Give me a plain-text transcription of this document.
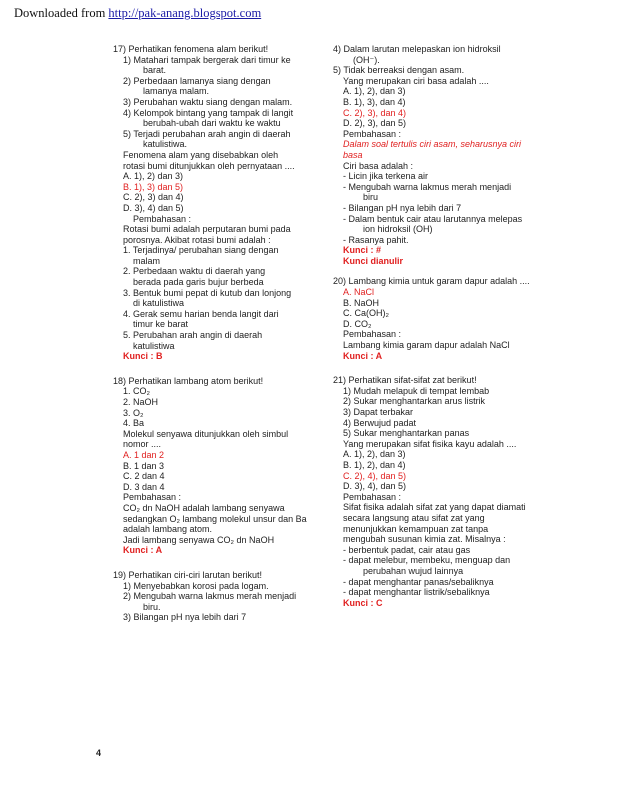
Downloaded from http://pak-anang.blogspot.com
17) Perhatikan fenomena alam berikut!
1) Matahari tampak bergerak dari timur ke
barat.
2) Perbedaan lamanya siang dengan
lamanya malam.
3) Perubahan waktu siang dengan malam.
4) Kelompok bintang yang tampak di langit
berubah-ubah dari waktu ke waktu
5) Terjadi perubahan arah angin di daerah
katulistiwa.
Fenomena alam yang disebabkan oleh
rotasi bumi ditunjukkan oleh pernyataan ....
A. 1), 2) dan 3)
B. 1), 3) dan 5)
C. 2), 3) dan 4)
D. 3), 4) dan 5)
Pembahasan :
Rotasi bumi adalah perputaran bumi pada
porosnya. Akibat rotasi bumi adalah :
1. Terjadinya/ perubahan siang dengan
malam
2. Perbedaan waktu di daerah yang
berada pada garis bujur berbeda
3. Bentuk bumi pepat di kutub dan lonjong
di katulistiwa
4. Gerak semu harian benda langit dari
timur ke barat
5. Perubahan arah angin di daerah
katulistiwa
Kunci : B
18) Perhatikan lambang atom berikut!
1. CO₂
2. NaOH
3. O₂
4. Ba
Molekul senyawa ditunjukkan oleh simbul
nomor ....
A. 1 dan 2
B. 1 dan 3
C. 2 dan 4
D. 3 dan 4
Pembahasan :
CO₂ dn NaOH adalah lambang senyawa
sedangkan O₂ lambang molekul unsur dan Ba
adalah lambang atom.
Jadi lambang senyawa CO₂ dn NaOH
Kunci : A
19) Perhatikan ciri-ciri larutan berikut!
1) Menyebabkan korosi pada logam.
2) Mengubah warna lakmus merah menjadi
biru.
3) Bilangan pH nya lebih dari 7
4) Dalam larutan melepaskan ion hidroksil
(OH⁻).
5) Tidak berreaksi dengan asam.
Yang merupakan ciri basa adalah ....
A. 1), 2), dan 3)
B. 1), 3), dan 4)
C. 2), 3), dan 4)
D. 2), 3), dan 5)
Pembahasan :
Dalam soal tertulis ciri asam, seharusnya ciri
basa
Ciri basa adalah :
- Licin jika terkena air
- Mengubah warna lakmus merah menjadi
biru
- Bilangan pH nya lebih dari 7
- Dalam bentuk cair atau larutannya melepas
ion hidroksil (OH)
- Rasanya pahit.
Kunci : #
Kunci dianulir
20) Lambang kimia untuk garam dapur adalah ....
A. NaCl
B. NaOH
C. Ca(OH)₂
D. CO₂
Pembahasan :
Lambang kimia garam dapur adalah NaCl
Kunci : A
21) Perhatikan sifat-sifat zat berikut!
1) Mudah melapuk di tempat lembab
2) Sukar menghantarkan arus listrik
3) Dapat terbakar
4) Berwujud padat
5) Sukar menghantarkan panas
Yang merupakan sifat fisika kayu adalah ....
A. 1), 2), dan 3)
B. 1), 2), dan 4)
C. 2), 4), dan 5)
D. 3), 4), dan 5)
Pembahasan :
Sifat fisika adalah sifat zat yang dapat diamati
secara langsung atau sifat zat yang
menunjukkan kemampuan zat tanpa
mengubah susunan kimia zat. Misalnya :
- berbentuk padat, cair atau gas
- dapat melebur, membeku, menguap dan
perubahan wujud lainnya
- dapat menghantar panas/sebaliknya
- dapat menghantar listrik/sebaliknya
Kunci : C
4
